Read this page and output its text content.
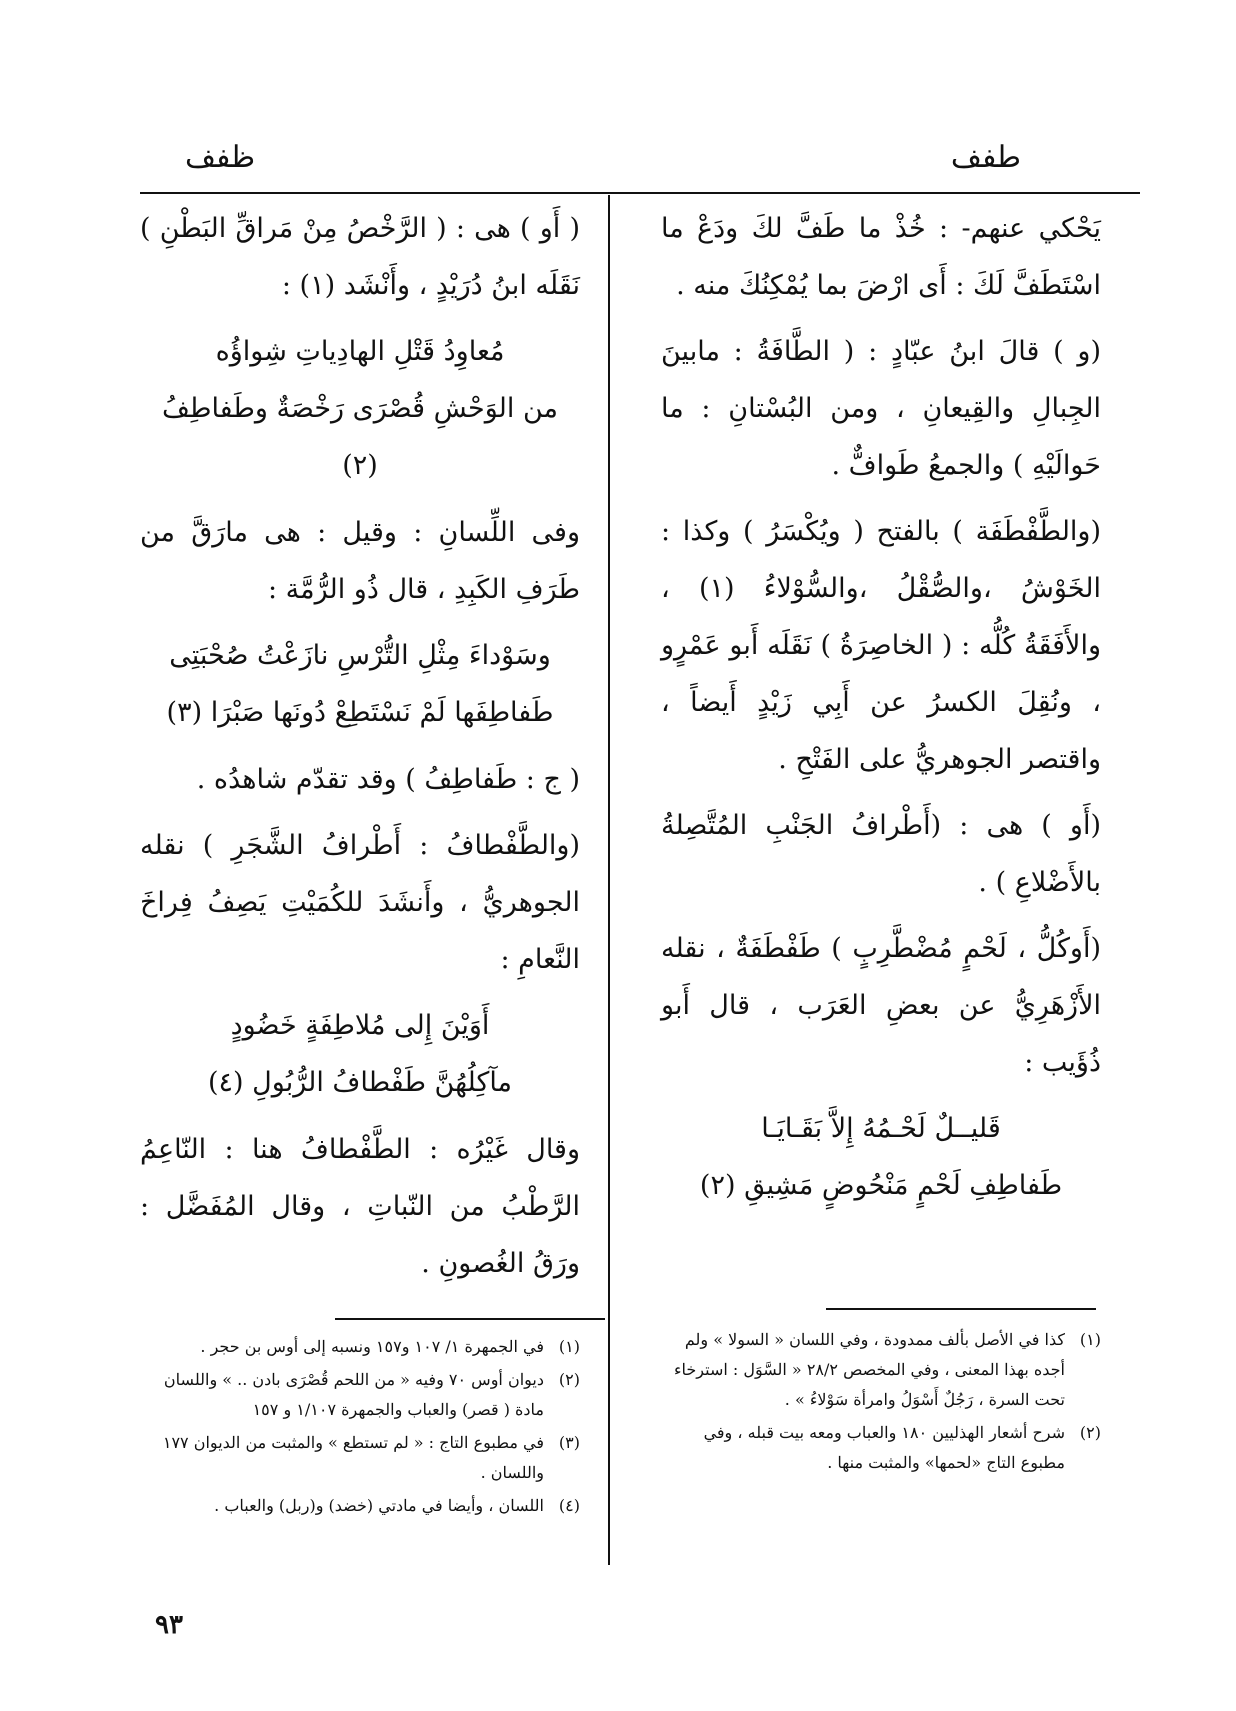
طفف
ظفف

يَحْكي عنهم- : خُذْ ما طَفَّ لكَ ودَعْ ما اسْتَطَفَّ لَكَ : أَى ارْضَ بما يُمْكِنُكَ منه .

(و ) قالَ ابنُ عبّادٍ : ( الطَّافَةُ : مابينَ الجِبالِ والقِيعانِ ، ومن البُسْتانِ : ما حَوالَيْهِ ) والجمعُ طَوافٌّ .

(والطَّفْطَفَة ) بالفتح ( ويُكْسَرُ ) وكذا : الخَوْشُ ،والصُّقْلُ ،والسُّوْلاءُ (١) ، والأَفَقَةُ كُلُّه : ( الخاصِرَةُ ) نَقَلَه أَبو عَمْرٍو ، ونُقِلَ الكسرُ عن أَبِي زَيْدٍ أَيضاً ، واقتصر الجوهريُّ على الفَتْحِ .

(أَو ) هى : (أَطْرافُ الجَنْبِ المُتَّصِلةُ بالأَضْلاعِ ) .

(أَوكُلُّ ، لَحْمٍ مُضْطَّرِبٍ ) طَفْطَفَةٌ ، نقله الأَزْهَرِيُّ عن بعضِ العَرَب ، قال أَبو ذُؤَيب :

قَليــلٌ لَحْـمُهُ إِلاَّ بَقَـايَـا
طَفاطِفِ لَحْمٍ مَنْحُوضٍ مَشِيقِ (٢)

( أَو ) هى : ( الرَّخْصُ مِنْ مَراقِّ البَطْنِ ) نَقَلَه ابنُ دُرَيْدٍ ، وأَنْشَد (١) :

مُعاوِدُ قَتْلِ الهادِياتِ شِواؤُه
من الوَحْشِ قُصْرَى رَخْصَةٌ وطَفاطِفُ (٢)

وفى اللِّسانِ : وقيل : هى مارَقَّ من طَرَفِ الكَبِدِ ، قال ذُو الرُّمَّة :

وسَوْداءَ مِثْلِ التُّرْسِ نازَعْتُ صُحْبَتِى
طَفاطِفَها لَمْ نَسْتَطِعْ دُونَها صَبْرَا (٣)

( ج : طَفاطِفُ ) وقد تقدّم شاهدُه .

(والطَّفْطافُ : أَطْرافُ الشَّجَرِ ) نقله الجوهريُّ ، وأَنشَدَ للكُمَيْتِ يَصِفُ فِراخَ النَّعامِ :

أَوَيْنَ إِلى مُلاطِفَةٍ خَضُودٍ
مآكِلُهُنَّ طَفْطافُ الرُّبُولِ (٤)

وقال غَيْرُه : الطَّفْطافُ هنا : النّاعِمُ الرَّطْبُ من النّباتِ ، وقال المُفَضَّل : ورَقُ الغُصونِ .

(١)
كذا في الأصل بألف ممدودة ، وفي اللسان « السولا » ولم أجده بهذا المعنى ، وفي المخصص ٢٨/٢ « السَّوَل : استرخاء تحت السرة ، رَجُلٌ أَسْوَلُ وامرأة سَوْلاءُ » .
(٢)
شرح أشعار الهذليين ١٨٠ والعباب ومعه بيت قبله ، وفي مطبوع التاج «لحمها» والمثبت منها .
(١)
في الجمهرة ١/ ١٠٧ و١٥٧ ونسبه إلى أوس بن حجر .
(٢)
ديوان أوس ٧٠ وفيه « من اللحم قُصْرَى بادن .. » واللسان مادة ( قصر) والعباب والجمهرة ١/١٠٧ و ١٥٧
(٣)
في مطبوع التاج : « لم تستطع » والمثبت من الديوان ١٧٧ واللسان .
(٤)
اللسان ، وأيضا في مادتي (خضد) و(ربل) والعباب .
٩٣
